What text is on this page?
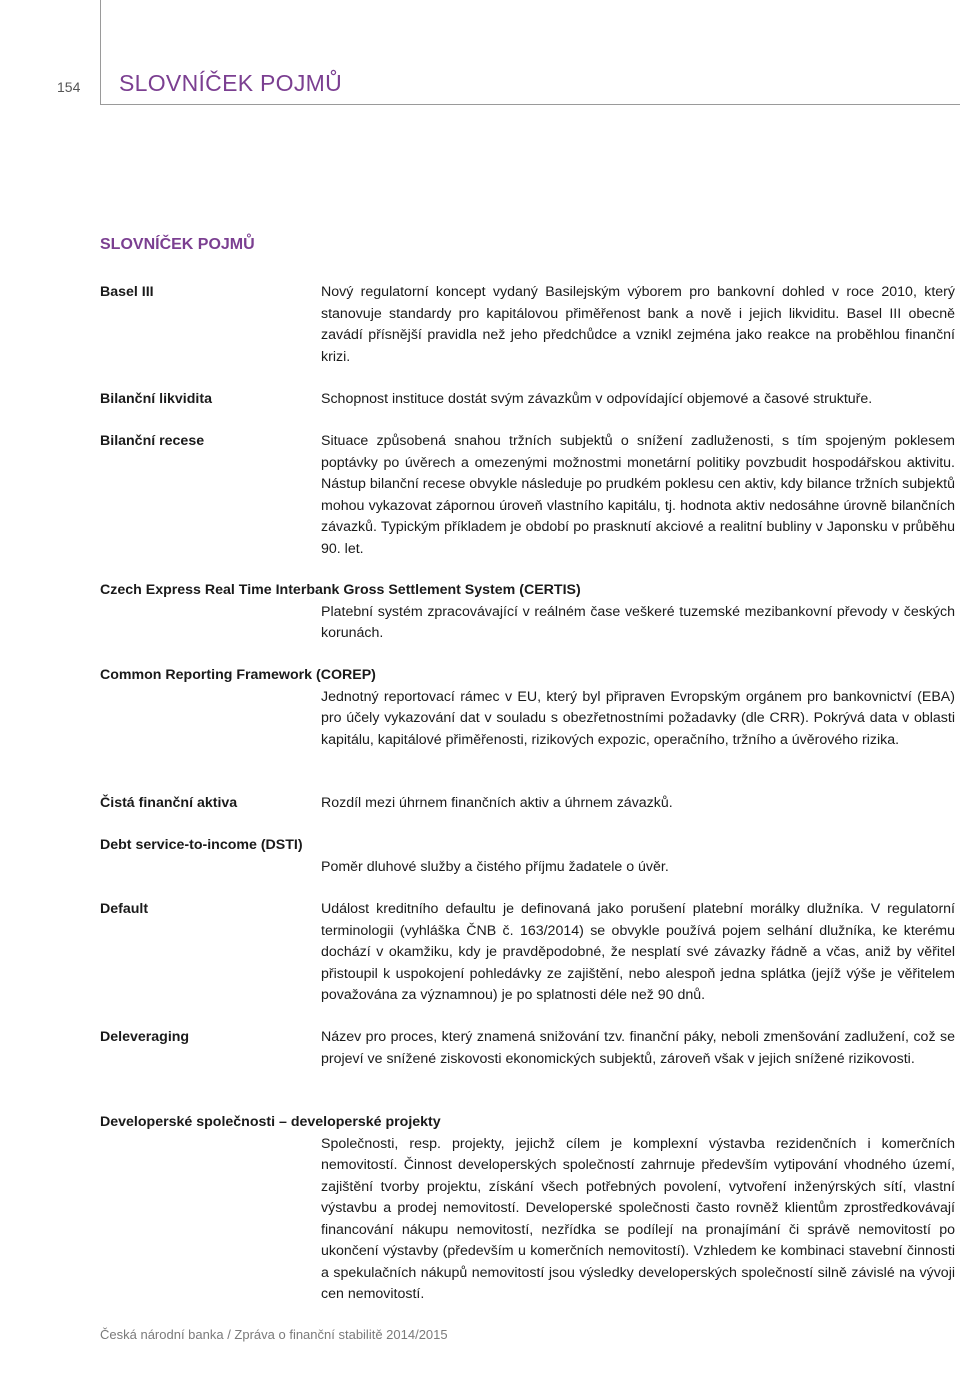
154 SLOVNÍČEK POJMŮ
SLOVNÍČEK POJMŮ
Basel III	Nový regulatorní koncept vydaný Basilejským výborem pro bankovní dohled v roce 2010, který stanovuje standardy pro kapitálovou přiměřenost bank a nově i jejich likviditu. Basel III obecně zavádí přísnější pravidla než jeho předchůdce a vznikl zejména jako reakce na proběhlou finanční krizi.
Bilanční likvidita	Schopnost instituce dostát svým závazkům v odpovídající objemové a časové struktuře.
Bilanční recese	Situace způsobená snahou tržních subjektů o snížení zadluženosti, s tím spojeným poklesem poptávky po úvěrech a omezenými možnostmi monetární politiky povzbudit hospodářskou aktivitu. Nástup bilanční recese obvykle následuje po prudkém poklesu cen aktiv, kdy bilance tržních subjektů mohou vykazovat zápornou úroveň vlastního kapitálu, tj. hodnota aktiv nedosáhne úrovně bilančních závazků. Typickým příkladem je období po prasknutí akciové a realitní bubliny v Japonsku v průběhu 90. let.
Czech Express Real Time Interbank Gross Settlement System (CERTIS)
Platební systém zpracovávající v reálném čase veškeré tuzemské mezibankovní převody v českých korunách.
Common Reporting Framework (COREP)
Jednotný reportovací rámec v EU, který byl připraven Evropským orgánem pro bankovnictví (EBA) pro účely vykazování dat v souladu s obezřetnostními požadavky (dle CRR). Pokrývá data v oblasti kapitálu, kapitálové přiměřenosti, rizikových expozic, operačního, tržního a úvěrového rizika.
Čistá finanční aktiva	Rozdíl mezi úhrnem finančních aktiv a úhrnem závazků.
Debt service-to-income (DSTI)
Poměr dluhové služby a čistého příjmu žadatele o úvěr.
Default	Událost kreditního defaultu je definovaná jako porušení platební morálky dlužníka. V regulatorní terminologii (vyhláška ČNB č. 163/2014) se obvykle používá pojem selhání dlužníka, ke kterému dochází v okamžiku, kdy je pravděpodobné, že nesplatí své závazky řádně a včas, aniž by věřitel přistoupil k uspokojení pohledávky ze zajištění, nebo alespoň jedna splátka (jejíž výše je věřitelem považována za významnou) je po splatnosti déle než 90 dnů.
Deleveraging	Název pro proces, který znamená snižování tzv. finanční páky, neboli zmenšování zadlužení, což se projeví ve snížené ziskovosti ekonomických subjektů, zároveň však v jejich snížené rizikovosti.
Developerské společnosti – developerské projekty
Společnosti, resp. projekty, jejichž cílem je komplexní výstavba rezidenčních i komerčních nemovitostí. Činnost developerských společností zahrnuje především vytipování vhodného území, zajištění tvorby projektu, získání všech potřebných povolení, vytvoření inženýrských sítí, vlastní výstavbu a prodej nemovitostí. Developerské společnosti často rovněž klientům zprostředkovávají financování nákupu nemovitostí, nezřídka se podílejí na pronajímání či správě nemovitostí po ukončení výstavby (především u komerčních nemovitostí). Vzhledem ke kombinaci stavební činnosti a spekulačních nákupů nemovitostí jsou výsledky developerských společností silně závislé na vývoji cen nemovitostí.
Česká národní banka / Zpráva o finanční stabilitě 2014/2015
